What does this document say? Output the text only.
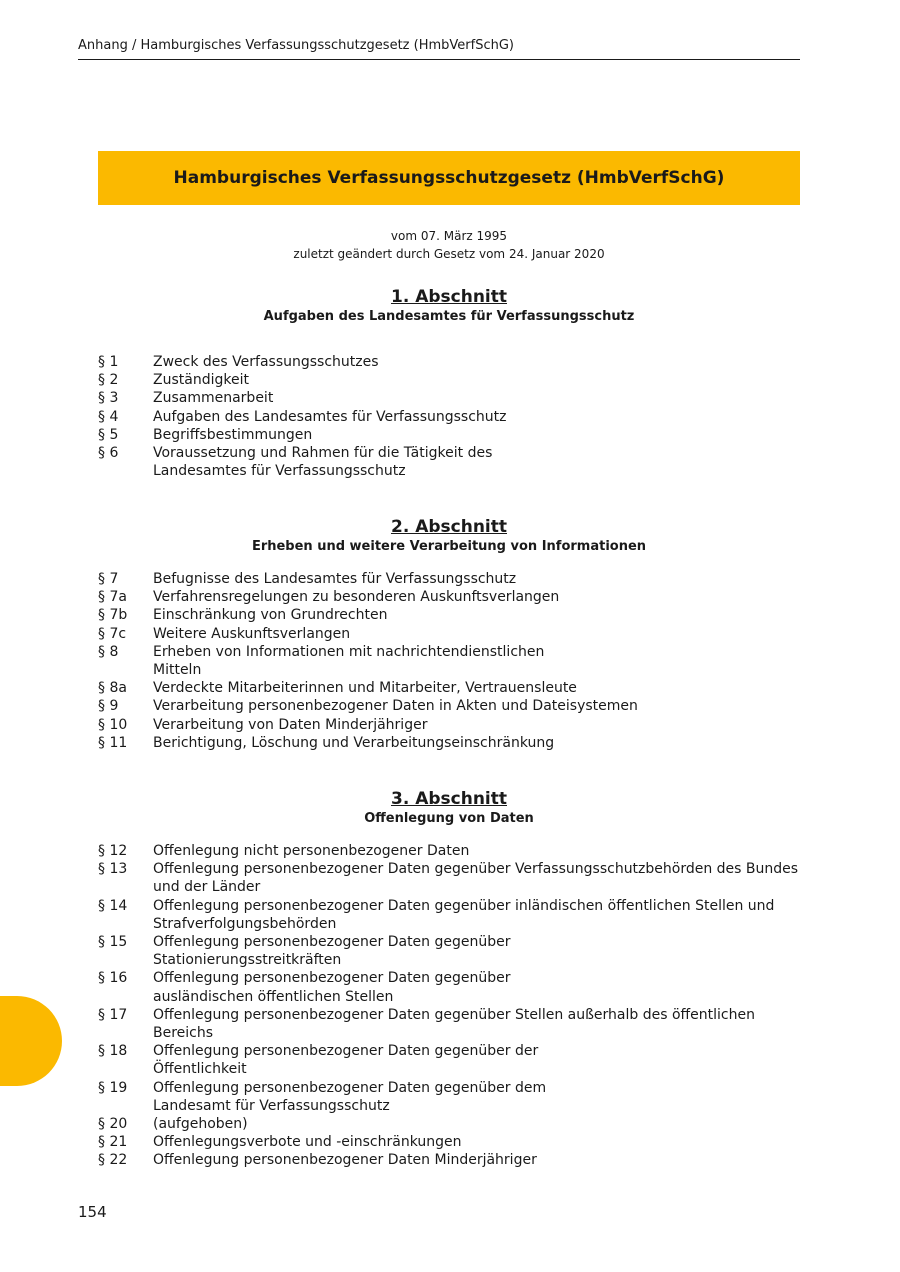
Anhang / Hamburgisches Verfassungsschutzgesetz (HmbVerfSchG)
Hamburgisches Verfassungsschutzgesetz (HmbVerfSchG)
vom 07. März 1995
zuletzt geändert durch Gesetz vom 24. Januar 2020
1. Abschnitt
Aufgaben des Landesamtes für Verfassungsschutz
§ 1	Zweck des Verfassungsschutzes
§ 2	Zuständigkeit
§ 3	Zusammenarbeit
§ 4	Aufgaben des Landesamtes für Verfassungsschutz
§ 5	Begriffsbestimmungen
§ 6	Voraussetzung und Rahmen für die Tätigkeit des
Landesamtes für Verfassungsschutz
2. Abschnitt
Erheben und weitere Verarbeitung von Informationen
§ 7	Befugnisse des Landesamtes für Verfassungsschutz
§ 7a	Verfahrensregelungen zu besonderen Auskunftsverlangen
§ 7b	Einschränkung von Grundrechten
§ 7c	Weitere Auskunftsverlangen
§ 8	Erheben von Informationen mit nachrichtendienstlichen
Mitteln
§ 8a	Verdeckte Mitarbeiterinnen und Mitarbeiter, Vertrauensleute
§ 9	Verarbeitung personenbezogener Daten in Akten und Dateisystemen
§ 10	Verarbeitung von Daten Minderjähriger
§ 11	Berichtigung, Löschung und Verarbeitungseinschränkung
3. Abschnitt
Offenlegung von Daten
§ 12	Offenlegung nicht personenbezogener Daten
§ 13	Offenlegung personenbezogener Daten gegenüber Verfassungsschutzbehörden des Bundes
und der Länder
§ 14	Offenlegung personenbezogener Daten gegenüber inländischen öffentlichen Stellen und
Strafverfolgungsbehörden
§ 15	Offenlegung personenbezogener Daten gegenüber
Stationierungsstreitkräften
§ 16	Offenlegung personenbezogener Daten gegenüber
ausländischen öffentlichen Stellen
§ 17	Offenlegung personenbezogener Daten gegenüber Stellen außerhalb des öffentlichen Bereichs
§ 18	Offenlegung personenbezogener Daten gegenüber der
Öffentlichkeit
§ 19	Offenlegung personenbezogener Daten gegenüber dem
Landesamt für Verfassungsschutz
§ 20	(aufgehoben)
§ 21	Offenlegungsverbote und -einschränkungen
§ 22	Offenlegung personenbezogener Daten Minderjähriger
154
